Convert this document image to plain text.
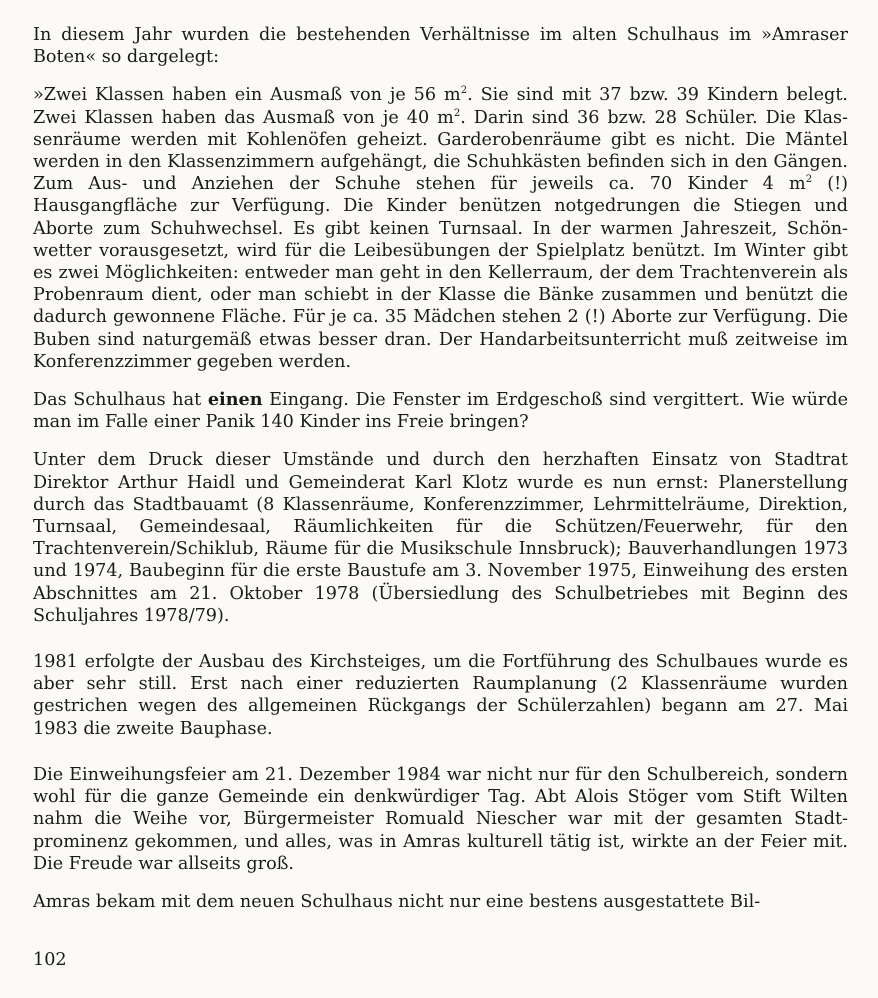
In diesem Jahr wurden die bestehenden Verhältnisse im alten Schulhaus im »Amraser Boten« so dargelegt:

»Zwei Klassen haben ein Ausmaß von je 56 $m^2$. Sie sind mit 37 bzw. 39 Kindern belegt. Zwei Klassen haben das Ausmaß von je 40 $m^2$. Darin sind 36 bzw. 28 Schüler. Die Klassenräume werden mit Kohlenöfen geheizt. Garderobenräume gibt es nicht. Die Mäntel werden in den Klassenzimmern aufgehängt, die Schuhkästen befinden sich in den Gängen. Zum Aus- und Anziehen der Schuhe stehen für jeweils ca. 70 Kinder 4 $m^2$ (!) Hausgangfläche zur Verfügung. Die Kinder benützen notgedrungen die Stiegen und Aborte zum Schuhwechsel. Es gibt keinen Turnsaal. In der warmen Jahreszeit, Schönwetter vorausgesetzt, wird für die Leibesübungen der Spielplatz benützt. Im Winter gibt es zwei Möglichkeiten: entweder man geht in den Kellerraum, der dem Trachtenverein als Probenraum dient, oder man schiebt in der Klasse die Bänke zusammen und benützt die dadurch gewonnene Fläche. Für je ca. 35 Mädchen stehen 2 (!) Aborte zur Verfügung. Die Buben sind naturgemäß etwas besser dran. Der Handarbeitsunterricht muß zeitweise im Konferenzzimmer gegeben werden.

Das Schulhaus hat einen Eingang. Die Fenster im Erdgeschoß sind vergittert. Wie würde man im Falle einer Panik 140 Kinder ins Freie bringen?

Unter dem Druck dieser Umstände und durch den herzhaften Einsatz von Stadtrat Direktor Arthur Haidl und Gemeinderat Karl Klotz wurde es nun ernst: Planerstellung durch das Stadtbauamt (8 Klassenräume, Konferenzzimmer, Lehrmittelräume, Direktion, Turnsaal, Gemeindesaal, Räumlichkeiten für die Schützen/Feuerwehr, für den Trachtenverein/Schiklub, Räume für die Musikschule Innsbruck); Bauverhandlungen 1973 und 1974, Baubeginn für die erste Baustufe am 3. November 1975, Einweihung des ersten Abschnittes am 21. Oktober 1978 (Übersiedlung des Schulbetriebes mit Beginn des Schuljahres 1978/79).

1981 erfolgte der Ausbau des Kirchsteiges, um die Fortführung des Schulbaues wurde es aber sehr still. Erst nach einer reduzierten Raumplanung (2 Klassenräume wurden gestrichen wegen des allgemeinen Rückgangs der Schülerzahlen) begann am 27. Mai 1983 die zweite Bauphase.

Die Einweihungsfeier am 21. Dezember 1984 war nicht nur für den Schulbereich, sondern wohl für die ganze Gemeinde ein denkwürdiger Tag. Abt Alois Stöger vom Stift Wilten nahm die Weihe vor, Bürgermeister Romuald Niescher war mit der gesamten Stadtprominenz gekommen, und alles, was in Amras kulturell tätig ist, wirkte an der Feier mit. Die Freude war allseits groß.

Amras bekam mit dem neuen Schulhaus nicht nur eine bestens ausgestattete Bil-

102
